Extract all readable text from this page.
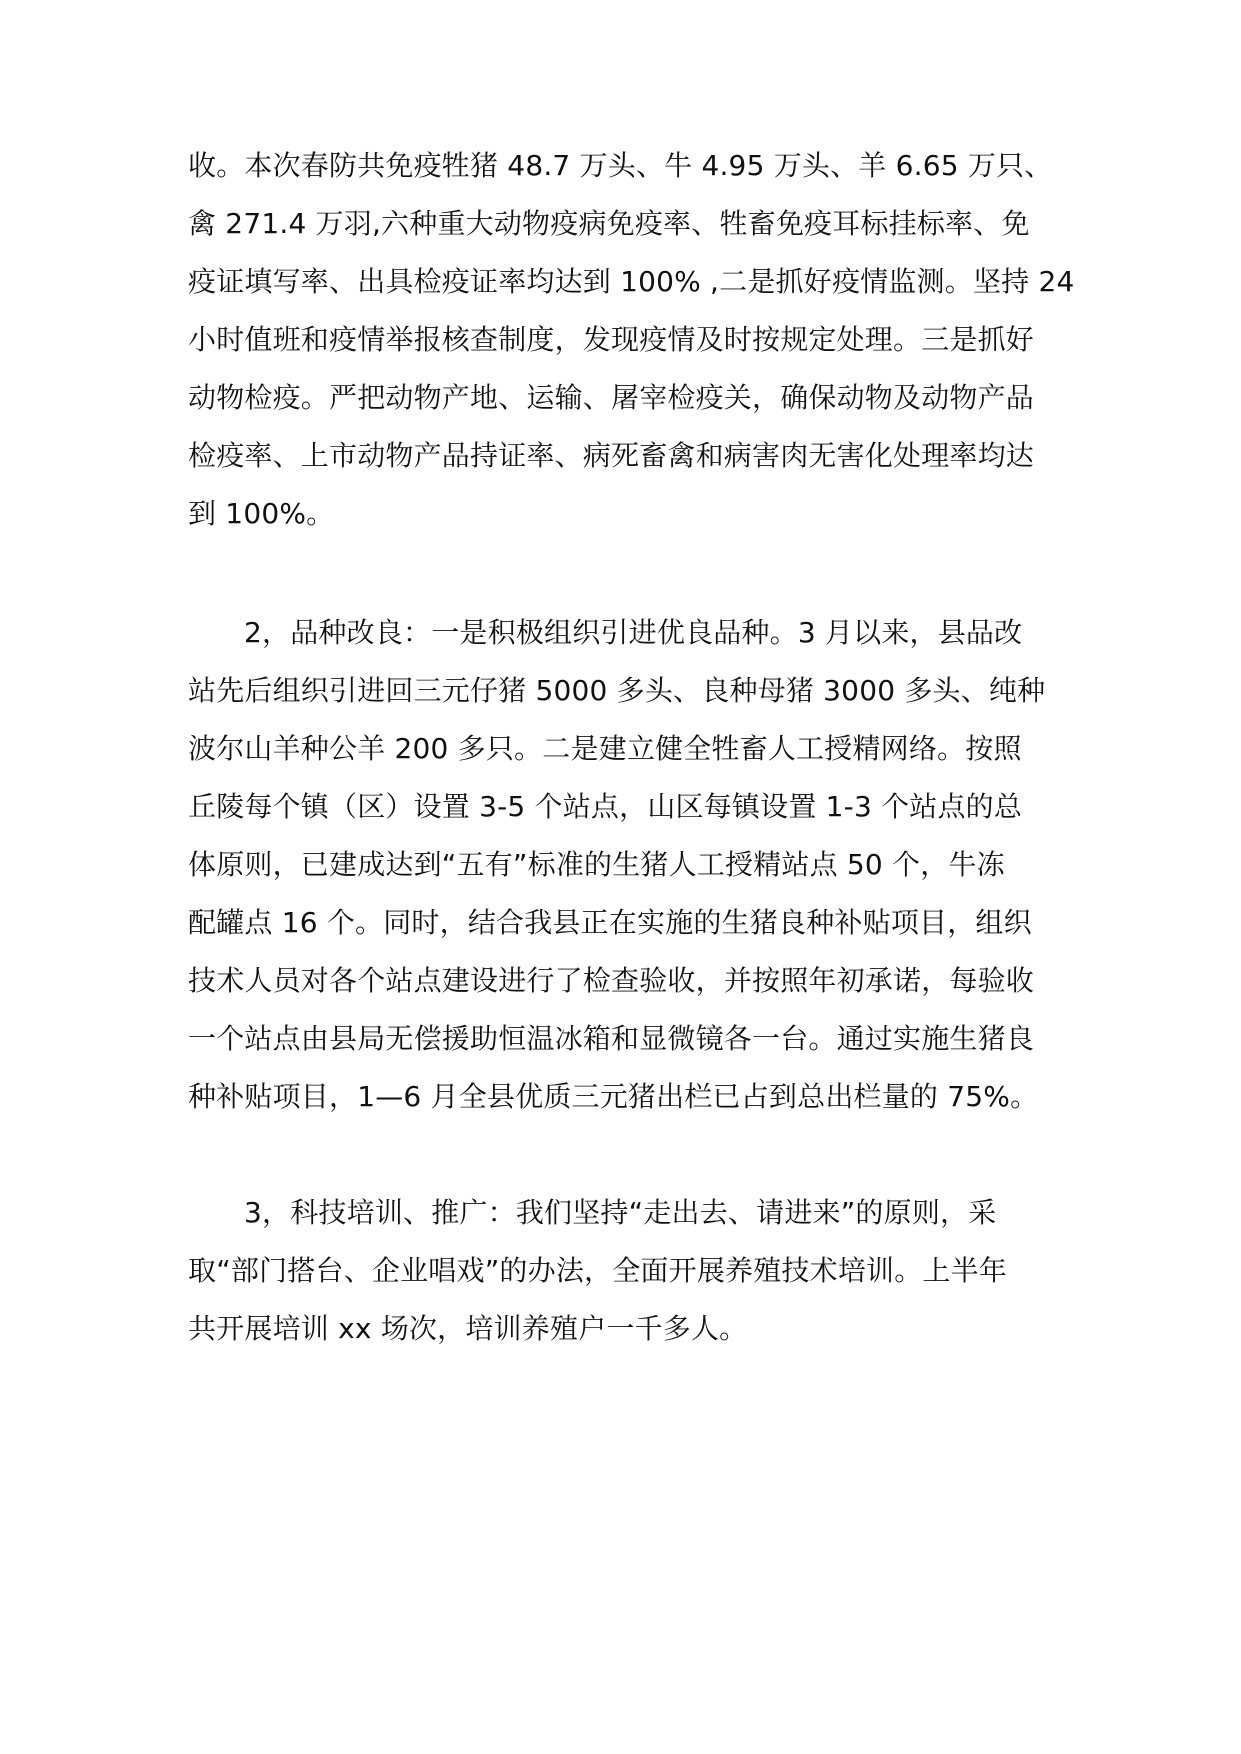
收。本次春防共免疫牲猪 48.7 万头、牛 4.95 万头、羊 6.65 万只、
禽 271.4 万羽,六种重大动物疫病免疫率、牲畜免疫耳标挂标率、免
疫证填写率、出具检疫证率均达到 100% ,二是抓好疫情监测。坚持 24
小时值班和疫情举报核查制度，发现疫情及时按规定处理。三是抓好
动物检疫。严把动物产地、运输、屠宰检疫关，确保动物及动物产品
检疫率、上市动物产品持证率、病死畜禽和病害肉无害化处理率均达
到 100%。
2，品种改良：一是积极组织引进优良品种。3 月以来，县品改
站先后组织引进回三元仔猪 5000 多头、良种母猪 3000 多头、纯种
波尔山羊种公羊 200 多只。二是建立健全牲畜人工授精网络。按照
丘陵每个镇（区）设置 3-5 个站点，山区每镇设置 1-3 个站点的总
体原则，已建成达到“五有”标准的生猪人工授精站点 50 个，牛冻
配罐点 16 个。同时，结合我县正在实施的生猪良种补贴项目，组织
技术人员对各个站点建设进行了检查验收，并按照年初承诺，每验收
一个站点由县局无偿援助恒温冰箱和显微镜各一台。通过实施生猪良
种补贴项目，1—6 月全县优质三元猪出栏已占到总出栏量的 75%。
3，科技培训、推广：我们坚持“走出去、请进来”的原则，采
取“部门搭台、企业唱戏”的办法，全面开展养殖技术培训。上半年
共开展培训 xx 场次，培训养殖户一千多人。
